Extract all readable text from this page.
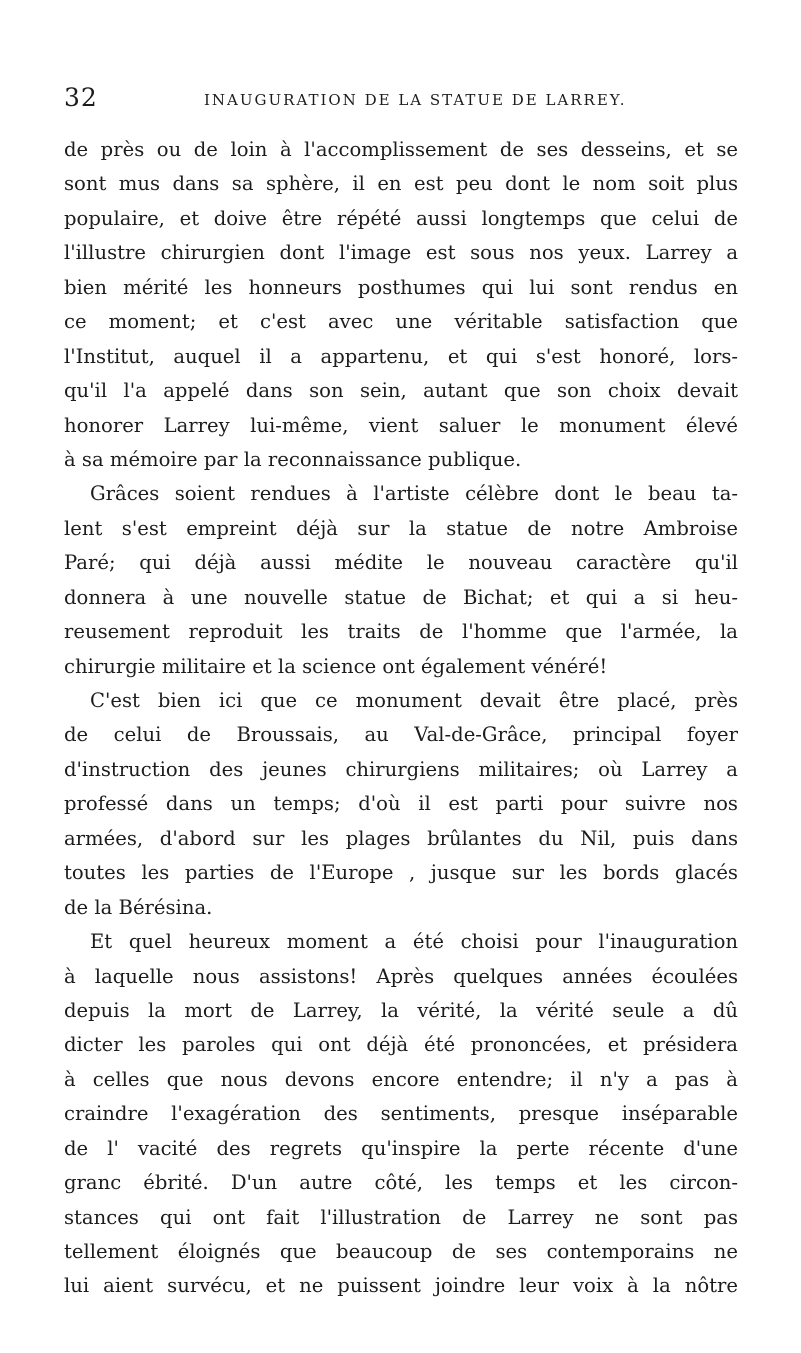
32	INAUGURATION DE LA STATUE DE LARREY.
de près ou de loin à l'accomplissement de ses desseins, et se
sont mus dans sa sphère, il en est peu dont le nom soit plus
populaire, et doive être répété aussi longtemps que celui de
l'illustre chirurgien dont l'image est sous nos yeux. Larrey a
bien mérité les honneurs posthumes qui lui sont rendus en
ce moment; et c'est avec une véritable satisfaction que
l'Institut, auquel il a appartenu, et qui s'est honoré, lors-
qu'il l'a appelé dans son sein, autant que son choix devait
honorer Larrey lui-même, vient saluer le monument élevé
à sa mémoire par la reconnaissance publique.
Grâces soient rendues à l'artiste célèbre dont le beau ta-
lent s'est empreint déjà sur la statue de notre Ambroise
Paré; qui déjà aussi médite le nouveau caractère qu'il
donnera à une nouvelle statue de Bichat; et qui a si heu-
reusement reproduit les traits de l'homme que l'armée, la
chirurgie militaire et la science ont également vénéré!
C'est bien ici que ce monument devait être placé, près
de celui de Broussais, au Val-de-Grâce, principal foyer
d'instruction des jeunes chirurgiens militaires; où Larrey a
professé dans un temps; d'où il est parti pour suivre nos
armées, d'abord sur les plages brûlantes du Nil, puis dans
toutes les parties de l'Europe , jusque sur les bords glacés
de la Bérésina.
Et quel heureux moment a été choisi pour l'inauguration
à laquelle nous assistons! Après quelques années écoulées
depuis la mort de Larrey, la vérité, la vérité seule a dû
dicter les paroles qui ont déjà été prononcées, et présidera
à celles que nous devons encore entendre; il n'y a pas à
craindre l'exagération des sentiments, presque inséparable
de l' vacité des regrets qu'inspire la perte récente d'une
granc ébrité. D'un autre côté, les temps et les circon-
stances qui ont fait l'illustration de Larrey ne sont pas
tellement éloignés que beaucoup de ses contemporains ne
lui aient survécu, et ne puissent joindre leur voix à la nôtre
